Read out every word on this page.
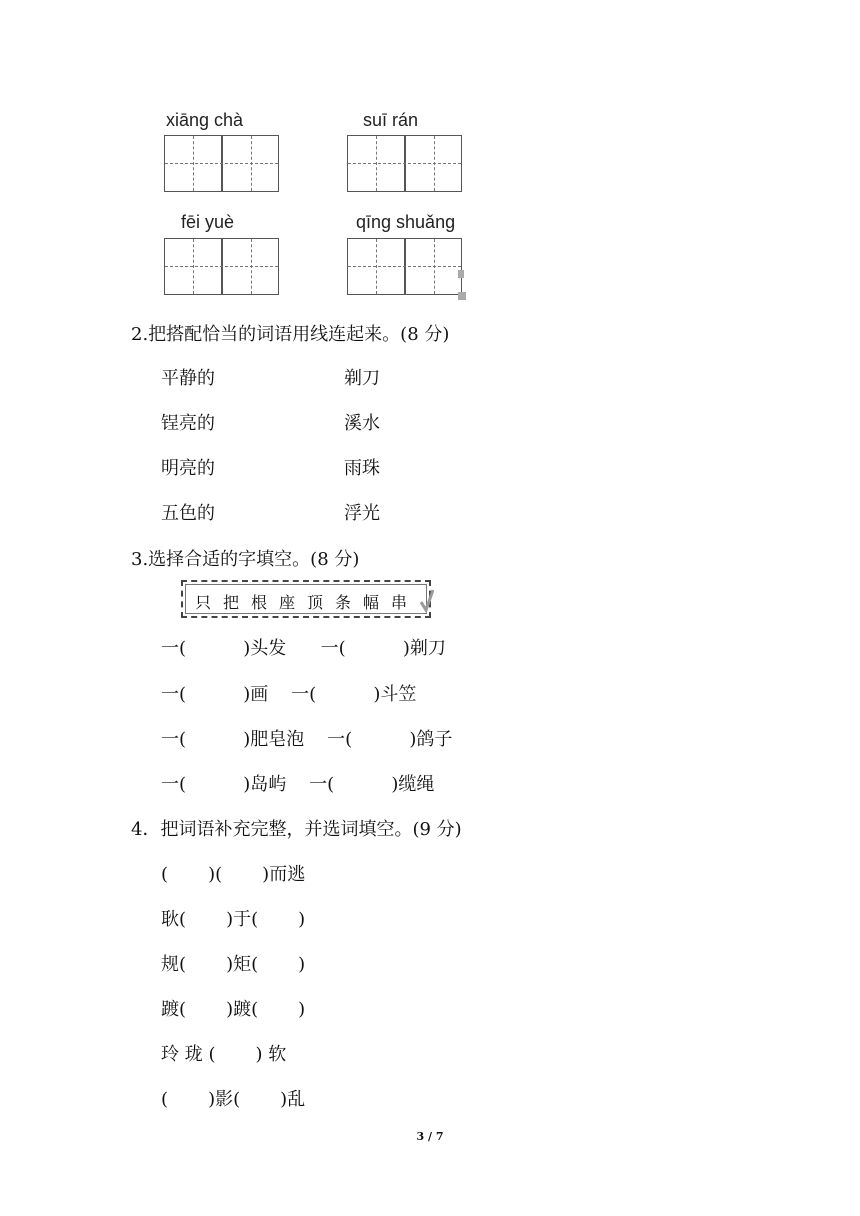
xiāng chà	suī rán
fēi yuè	qīng shuǎng
2.把搭配恰当的词语用线连起来。(8 分)
平静的
锃亮的
明亮的
五色的
剃刀
溪水
雨珠
浮光
3.选择合适的字填空。(8 分)
只把根座顶条幅串
一(          )头发      一(          )剃刀
一(          )画    一(          )斗笠
一(          )肥皂泡    一(          )鸽子
一(          )岛屿    一(          )缆绳
4．把词语补充完整，并选词填空。(9 分)
(       )(       )而逃
耿(       )于(       )
规(       )矩(       )
踱(       )踱(       )
玲 珑 (       ) 软
(       )影(       )乱
3 / 7
